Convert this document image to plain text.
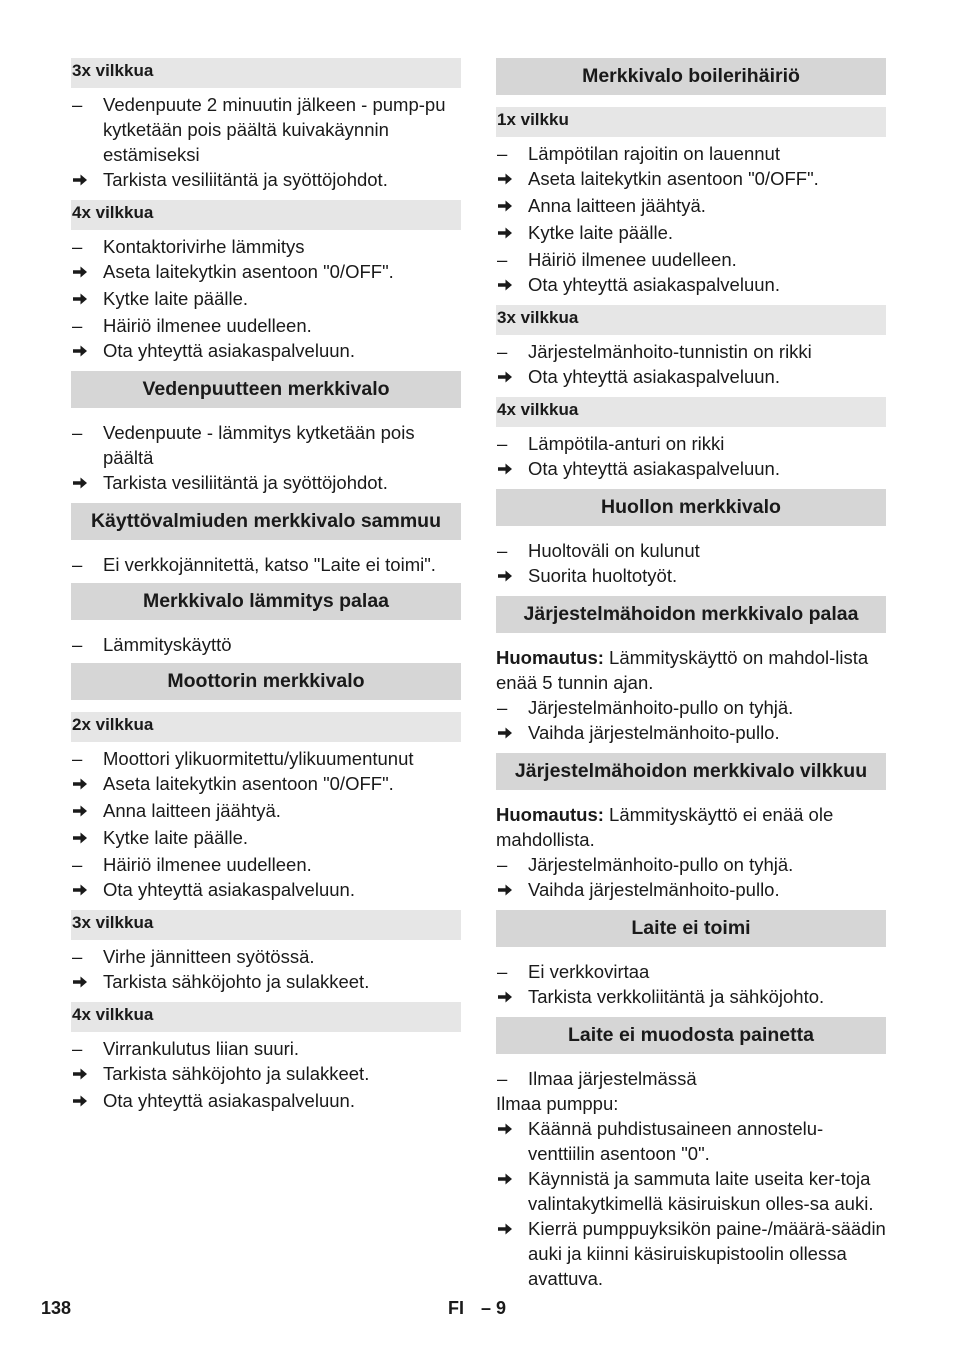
3x vilkkua
–	Vedenpuute 2 minuutin jälkeen - pump-pu kytketään pois päältä kuivakäynnin estämiseksi
Tarkista vesiliitäntä ja syöttöjohdot.
4x vilkkua
–	Kontaktorivirhe lämmitys
Aseta laitekytkin asentoon "0/OFF".
Kytke laite päälle.
–	Häiriö ilmenee uudelleen.
Ota yhteyttä asiakaspalveluun.
Vedenpuutteen merkkivalo
–	Vedenpuute - lämmitys kytketään pois päältä
Tarkista vesiliitäntä ja syöttöjohdot.
Käyttövalmiuden merkkivalo sammuu
–	Ei verkkojännitettä, katso "Laite ei toimi".
Merkkivalo lämmitys palaa
–	Lämmityskäyttö
Moottorin merkkivalo
2x vilkkua
–	Moottori ylikuormitettu/ylikuumentunut
Aseta laitekytkin asentoon "0/OFF".
Anna laitteen jäähtyä.
Kytke laite päälle.
–	Häiriö ilmenee uudelleen.
Ota yhteyttä asiakaspalveluun.
3x vilkkua
–	Virhe jännitteen syötössä.
Tarkista sähköjohto ja sulakkeet.
4x vilkkua
–	Virrankulutus liian suuri.
Tarkista sähköjohto ja sulakkeet.
Ota yhteyttä asiakaspalveluun.
Merkkivalo boilerihäiriö
1x vilkku
–	Lämpötilan rajoitin on lauennut
Aseta laitekytkin asentoon "0/OFF".
Anna laitteen jäähtyä.
Kytke laite päälle.
–	Häiriö ilmenee uudelleen.
Ota yhteyttä asiakaspalveluun.
3x vilkkua
–	Järjestelmänhoito-tunnistin on rikki
Ota yhteyttä asiakaspalveluun.
4x vilkkua
–	Lämpötila-anturi on rikki
Ota yhteyttä asiakaspalveluun.
Huollon merkkivalo
–	Huoltoväli on kulunut
Suorita huoltotyöt.
Järjestelmähoidon merkkivalo palaa
Huomautus: Lämmityskäyttö on mahdol-lista enää 5 tunnin ajan.
–	Järjestelmänhoito-pullo on tyhjä.
Vaihda järjestelmänhoito-pullo.
Järjestelmähoidon merkkivalo vilkkuu
Huomautus: Lämmityskäyttö ei enää ole mahdollista.
–	Järjestelmänhoito-pullo on tyhjä.
Vaihda järjestelmänhoito-pullo.
Laite ei toimi
–	Ei verkkovirtaa
Tarkista verkkoliitäntä ja sähköjohto.
Laite ei muodosta painetta
–	Ilmaa järjestelmässä
Ilmaa pumppu:
Käännä puhdistusaineen annostelu-venttiilin asentoon "0".
Käynnistä ja sammuta laite useita ker-toja valintakytkimellä käsiruiskun olles-sa auki.
Kierrä pumppuyksikön paine-/määrä-säädin auki ja kiinni käsiruiskupistoolin ollessa avattuva.
138	FI – 9
